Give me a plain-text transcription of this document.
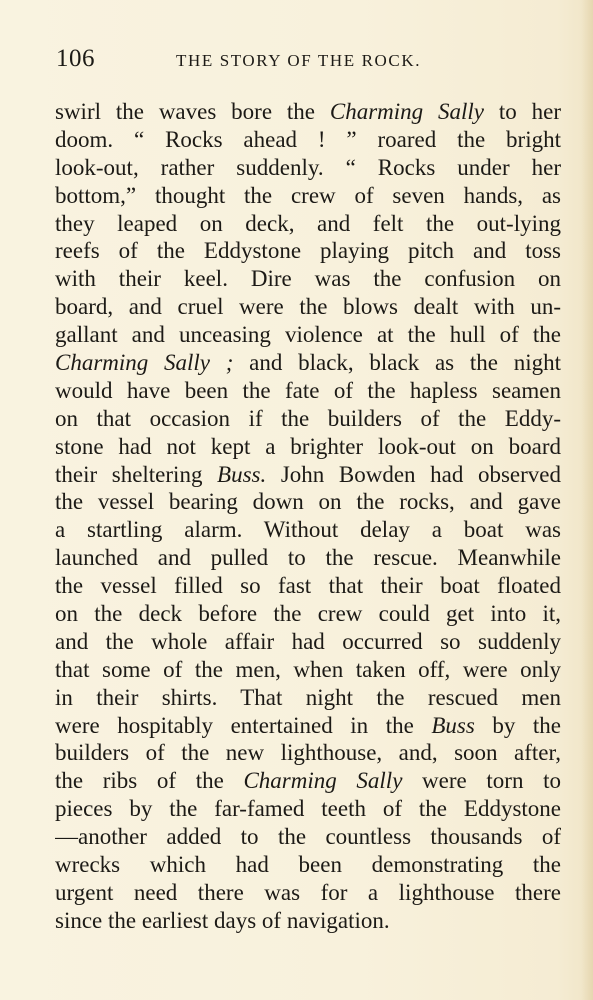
106	THE STORY OF THE ROCK.
swirl the waves bore the Charming Sally to her
doom. “ Rocks ahead ! ” roared the bright
look-out, rather suddenly. “ Rocks under her
bottom,” thought the crew of seven hands, as
they leaped on deck, and felt the out-lying
reefs of the Eddystone playing pitch and toss
with their keel. Dire was the confusion on
board, and cruel were the blows dealt with un-
gallant and unceasing violence at the hull of the
Charming Sally ; and black, black as the night
would have been the fate of the hapless seamen
on that occasion if the builders of the Eddy-
stone had not kept a brighter look-out on board
their sheltering Buss. John Bowden had observed
the vessel bearing down on the rocks, and gave
a startling alarm. Without delay a boat was
launched and pulled to the rescue. Meanwhile
the vessel filled so fast that their boat floated
on the deck before the crew could get into it,
and the whole affair had occurred so suddenly
that some of the men, when taken off, were only
in their shirts. That night the rescued men
were hospitably entertained in the Buss by the
builders of the new lighthouse, and, soon after,
the ribs of the Charming Sally were torn to
pieces by the far-famed teeth of the Eddystone
—another added to the countless thousands of
wrecks which had been demonstrating the
urgent need there was for a lighthouse there
since the earliest days of navigation.
